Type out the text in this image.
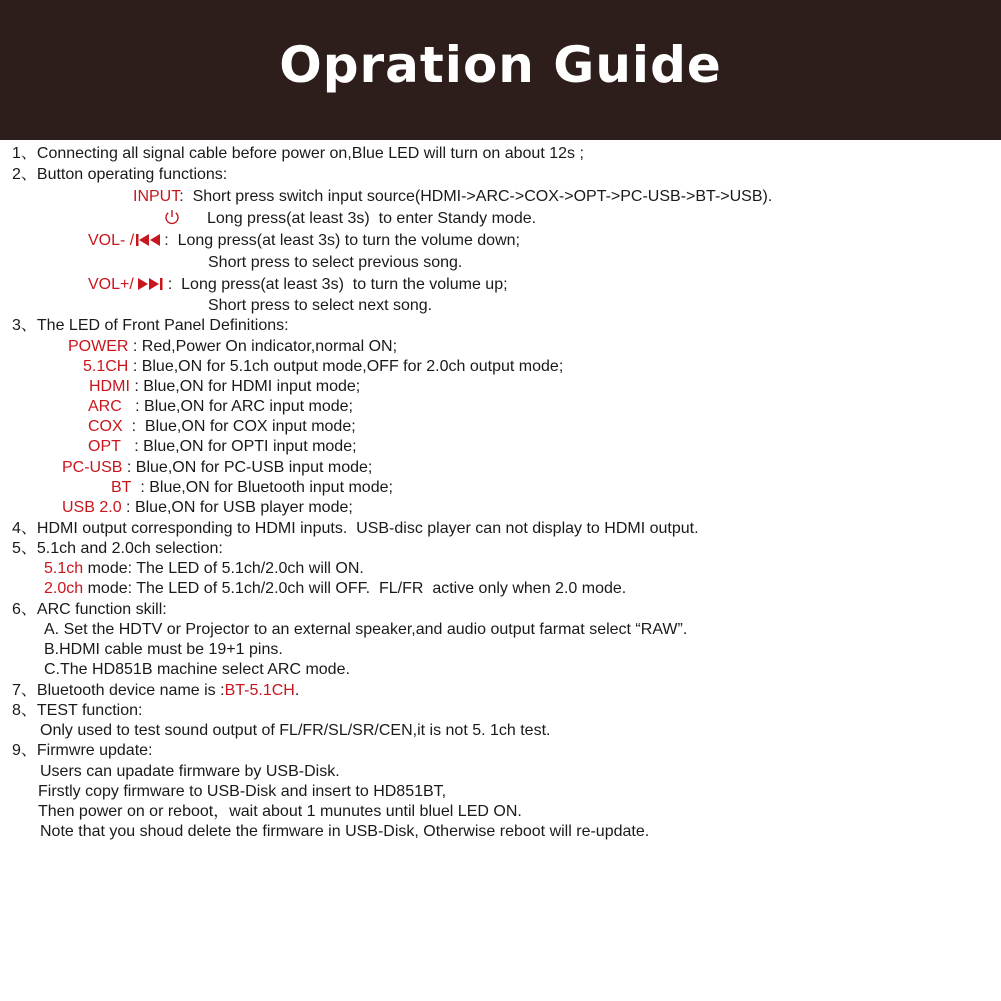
Opration Guide
1、Connecting all signal cable before power on,Blue LED will turn on about 12s ;
2、Button operating functions:
INPUT:  Short press switch input source(HDMI->ARC->COX->OPT->PC-USB->BT->USB).
Long press(at least 3s)  to enter Standy mode.
VOL- / :  Long press(at least 3s) to turn the volume down;
Short press to select previous song.
VOL+/ :  Long press(at least 3s)  to turn the volume up;
Short press to select next song.
3、The LED of Front Panel Definitions:
POWER : Red,Power On indicator,normal ON;
5.1CH : Blue,ON for 5.1ch output mode,OFF for 2.0ch output mode;
HDMI : Blue,ON for HDMI input mode;
ARC : Blue,ON for ARC input mode;
COX :  Blue,ON for COX input mode;
OPT : Blue,ON for OPTI input mode;
PC-USB : Blue,ON for PC-USB input mode;
BT : Blue,ON for Bluetooth input mode;
USB 2.0 : Blue,ON for USB player mode;
4、HDMI output corresponding to HDMI inputs.  USB-disc player can not display to HDMI output.
5、5.1ch and 2.0ch selection:
5.1ch mode: The LED of 5.1ch/2.0ch will ON.
2.0ch mode: The LED of 5.1ch/2.0ch will OFF.  FL/FR  active only when 2.0 mode.
6、ARC function skill:
A. Set the HDTV or Projector to an external speaker,and audio output farmat select “RAW”.
B.HDMI cable must be 19+1 pins.
C.The HD851B machine select ARC mode.
7、Bluetooth device name is :BT-5.1CH.
8、TEST function:
Only used to test sound output of FL/FR/SL/SR/CEN,it is not 5. 1ch test.
9、Firmwre update:
Users can upadate firmware by USB-Disk.
Firstly copy firmware to USB-Disk and insert to HD851BT,
Then power on or reboot，wait about 1 munutes until bluel LED ON.
Note that you shoud delete the firmware in USB-Disk, Otherwise reboot will re-update.
